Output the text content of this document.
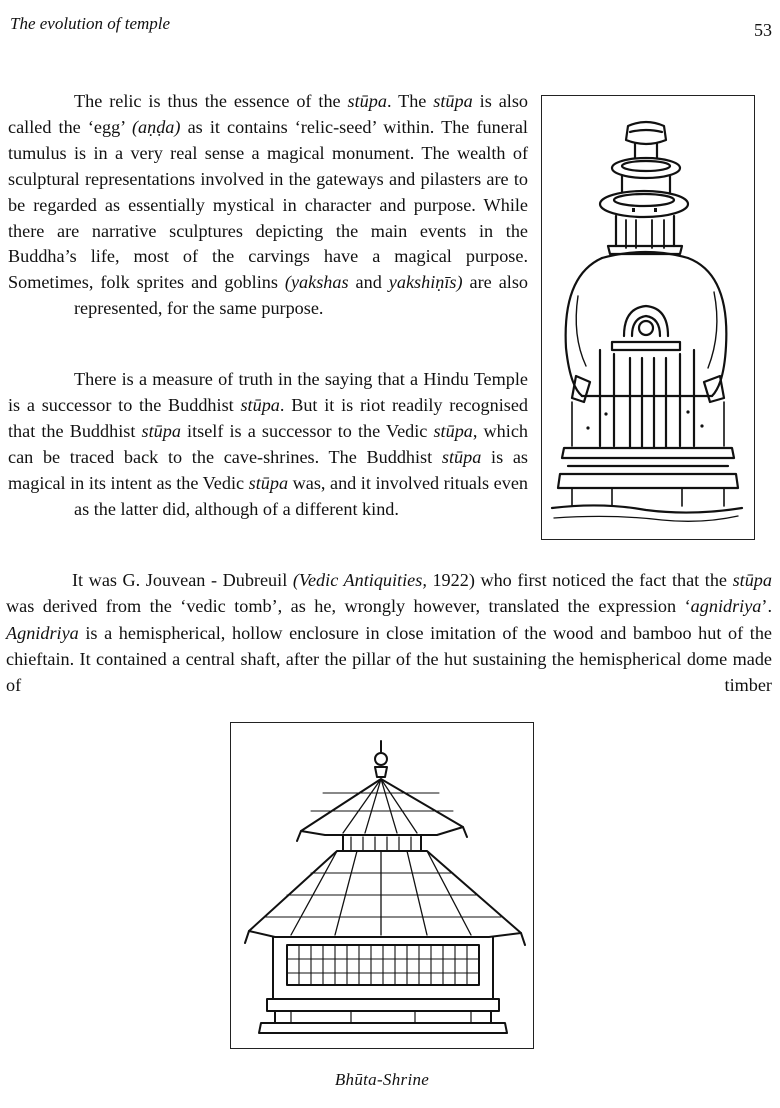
The evolution of temple	53

The relic is thus the essence of the stūpa. The stūpa is also called the ‘egg’ (aṇḍa) as it contains ‘relic-seed’ within. The funeral tumulus is in a very real sense a magical monument. The wealth of sculptural representations involved in the gateways and pilasters are to be regarded as essentially mystical in character and purpose. While there are narrative sculptures depicting the main events in the Buddha’s life, most of the carvings have a magical purpose. Sometimes, folk sprites and goblins (yakshas and yakshiṇīs) are also
represented, for the same purpose.

There is a measure of truth in the saying that a Hindu Temple is a successor to the Buddhist stūpa. But it is riot readily recognised that the Buddhist stūpa itself is a successor to the Vedic stūpa, which can be traced back to the cave-shrines. The Buddhist stūpa is as magical in its intent as the Vedic stūpa was, and it involved rituals even
as the latter did, although of a different kind.

It was G. Jouvean - Dubreuil (Vedic Antiquities, 1922) who first noticed the fact that the stūpa was derived from the ‘vedic tomb’, as he, wrongly however, translated the expression ‘agnidriya’. Agnidriya is a hemispherical, hollow enclosure in close imitation of the wood and bamboo hut of the chieftain. It contained a central shaft, after the pillar of the hut sustaining the hemispherical dome made of timber

Bhūta-Shrine
